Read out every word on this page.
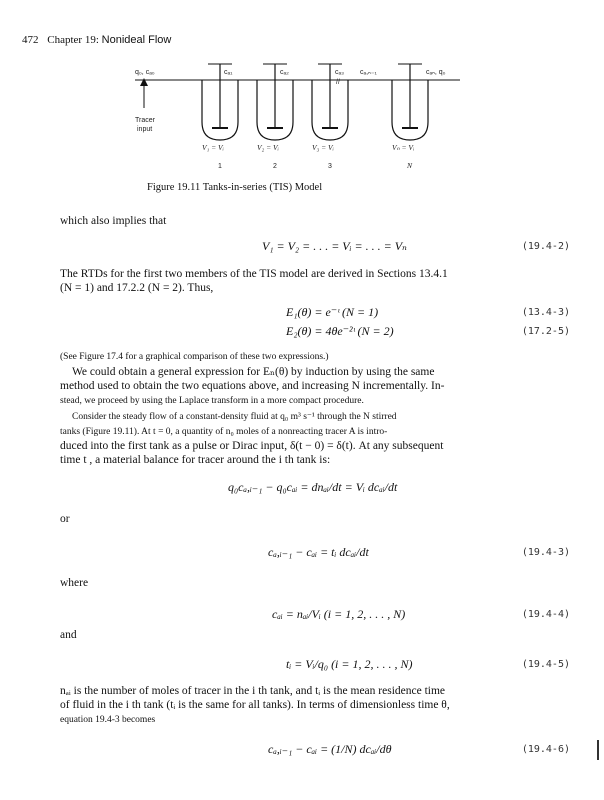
472 Chapter 19: Nonideal Flow
q₀, cₐ₀	cₐ₁	cₐ₂	cₐ₃ cₐ,ₙ₋₁	cₐₙ, q₀
//
Tracer
input
V₁ = Vᵢ	V₂ = Vᵢ	V₃ = Vᵢ	Vₙ = Vᵢ
1	2	3	N
Figure 19.11 Tanks-in-series (TIS) Model
which also implies that
V₁ = V₂ = . . . = Vᵢ = . . . = Vₙ	(19.4-2)
The RTDs for the first two members of the TIS model are derived in Sections 13.4.1
(N = 1) and 17.2.2 (N = 2). Thus,
E₁(θ) = e⁻ᶥ (N = 1)	(13.4-3)
E₂(θ) = 4θe⁻²ᶥ (N = 2)	(17.2-5)
(See Figure 17.4 for a graphical comparison of these two expressions.)
We could obtain a general expression for Eₙ(θ) by induction by using the same
method used to obtain the two equations above, and increasing N incrementally. In-
stead, we proceed by using the Laplace transform in a more compact procedure.
Consider the steady flow of a constant-density fluid at q₀ m³ s⁻¹ through the N stirred
tanks (Figure 19.11). At t = 0, a quantity of n₀ moles of a nonreacting tracer A is intro-
duced into the first tank as a pulse or Dirac input, δ(t − 0) = δ(t). At any subsequent
time t , a material balance for tracer around the i th tank is:
q₀cₐ,ᵢ₋₁ − q₀cₐᵢ = dnₐᵢ/dt = Vᵢ dcₐᵢ/dt
or
cₐ,ᵢ₋₁ − cₐᵢ = tᵢ dcₐᵢ/dt	(19.4-3)
where
cₐᵢ = nₐᵢ/Vᵢ (i = 1, 2, . . . , N)	(19.4-4)
and
tᵢ = Vᵢ/q₀ (i = 1, 2, . . . , N)	(19.4-5)
nₐᵢ is the number of moles of tracer in the i th tank, and tᵢ is the mean residence time
of fluid in the i th tank (tᵢ is the same for all tanks). In terms of dimensionless time θ,
equation 19.4-3 becomes
cₐ,ᵢ₋₁ − cₐᵢ = (1/N) dcₐᵢ/dθ	(19.4-6)
